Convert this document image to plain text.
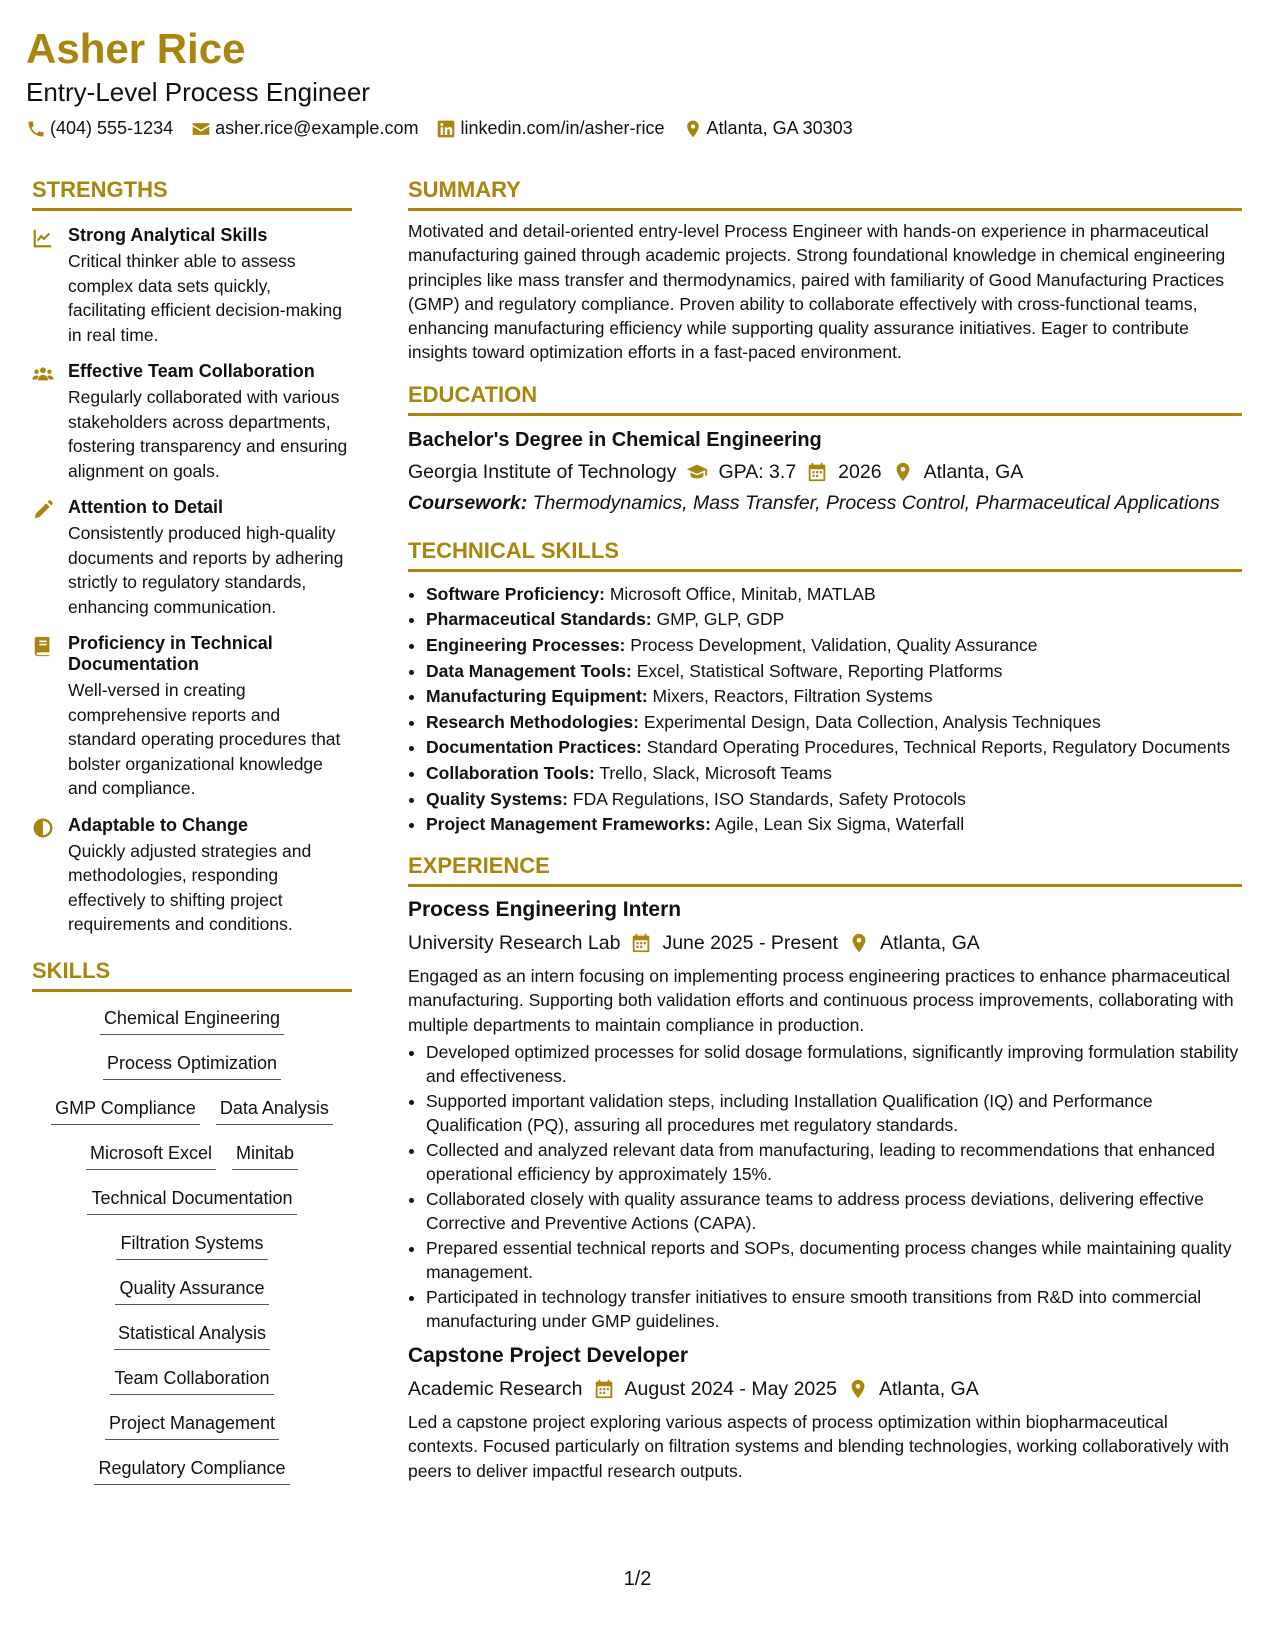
Asher Rice
Entry-Level Process Engineer
(404) 555-1234 asher.rice@example.com linkedin.com/in/asher-rice Atlanta, GA 30303
STRENGTHS
Strong Analytical Skills
Critical thinker able to assess complex data sets quickly, facilitating efficient decision-making in real time.
Effective Team Collaboration
Regularly collaborated with various stakeholders across departments, fostering transparency and ensuring alignment on goals.
Attention to Detail
Consistently produced high-quality documents and reports by adhering strictly to regulatory standards, enhancing communication.
Proficiency in Technical Documentation
Well-versed in creating comprehensive reports and standard operating procedures that bolster organizational knowledge and compliance.
Adaptable to Change
Quickly adjusted strategies and methodologies, responding effectively to shifting project requirements and conditions.
SKILLS
Chemical Engineering
Process Optimization
GMP Compliance Data Analysis
Microsoft Excel Minitab
Technical Documentation
Filtration Systems
Quality Assurance
Statistical Analysis
Team Collaboration
Project Management
Regulatory Compliance
SUMMARY
Motivated and detail-oriented entry-level Process Engineer with hands-on experience in pharmaceutical manufacturing gained through academic projects. Strong foundational knowledge in chemical engineering principles like mass transfer and thermodynamics, paired with familiarity of Good Manufacturing Practices (GMP) and regulatory compliance. Proven ability to collaborate effectively with cross-functional teams, enhancing manufacturing efficiency while supporting quality assurance initiatives. Eager to contribute insights toward optimization efforts in a fast-paced environment.
EDUCATION
Bachelor's Degree in Chemical Engineering
Georgia Institute of Technology GPA: 3.7 2026 Atlanta, GA
Coursework: Thermodynamics, Mass Transfer, Process Control, Pharmaceutical Applications
TECHNICAL SKILLS
• Software Proficiency: Microsoft Office, Minitab, MATLAB
• Pharmaceutical Standards: GMP, GLP, GDP
• Engineering Processes: Process Development, Validation, Quality Assurance
• Data Management Tools: Excel, Statistical Software, Reporting Platforms
• Manufacturing Equipment: Mixers, Reactors, Filtration Systems
• Research Methodologies: Experimental Design, Data Collection, Analysis Techniques
• Documentation Practices: Standard Operating Procedures, Technical Reports, Regulatory Documents
• Collaboration Tools: Trello, Slack, Microsoft Teams
• Quality Systems: FDA Regulations, ISO Standards, Safety Protocols
• Project Management Frameworks: Agile, Lean Six Sigma, Waterfall
EXPERIENCE
Process Engineering Intern
University Research Lab June 2025 - Present Atlanta, GA
Engaged as an intern focusing on implementing process engineering practices to enhance pharmaceutical manufacturing. Supporting both validation efforts and continuous process improvements, collaborating with multiple departments to maintain compliance in production.
• Developed optimized processes for solid dosage formulations, significantly improving formulation stability and effectiveness.
• Supported important validation steps, including Installation Qualification (IQ) and Performance Qualification (PQ), assuring all procedures met regulatory standards.
• Collected and analyzed relevant data from manufacturing, leading to recommendations that enhanced operational efficiency by approximately 15%.
• Collaborated closely with quality assurance teams to address process deviations, delivering effective Corrective and Preventive Actions (CAPA).
• Prepared essential technical reports and SOPs, documenting process changes while maintaining quality management.
• Participated in technology transfer initiatives to ensure smooth transitions from R&D into commercial manufacturing under GMP guidelines.
Capstone Project Developer
Academic Research August 2024 - May 2025 Atlanta, GA
Led a capstone project exploring various aspects of process optimization within biopharmaceutical contexts. Focused particularly on filtration systems and blending technologies, working collaboratively with peers to deliver impactful research outputs.
1/2
